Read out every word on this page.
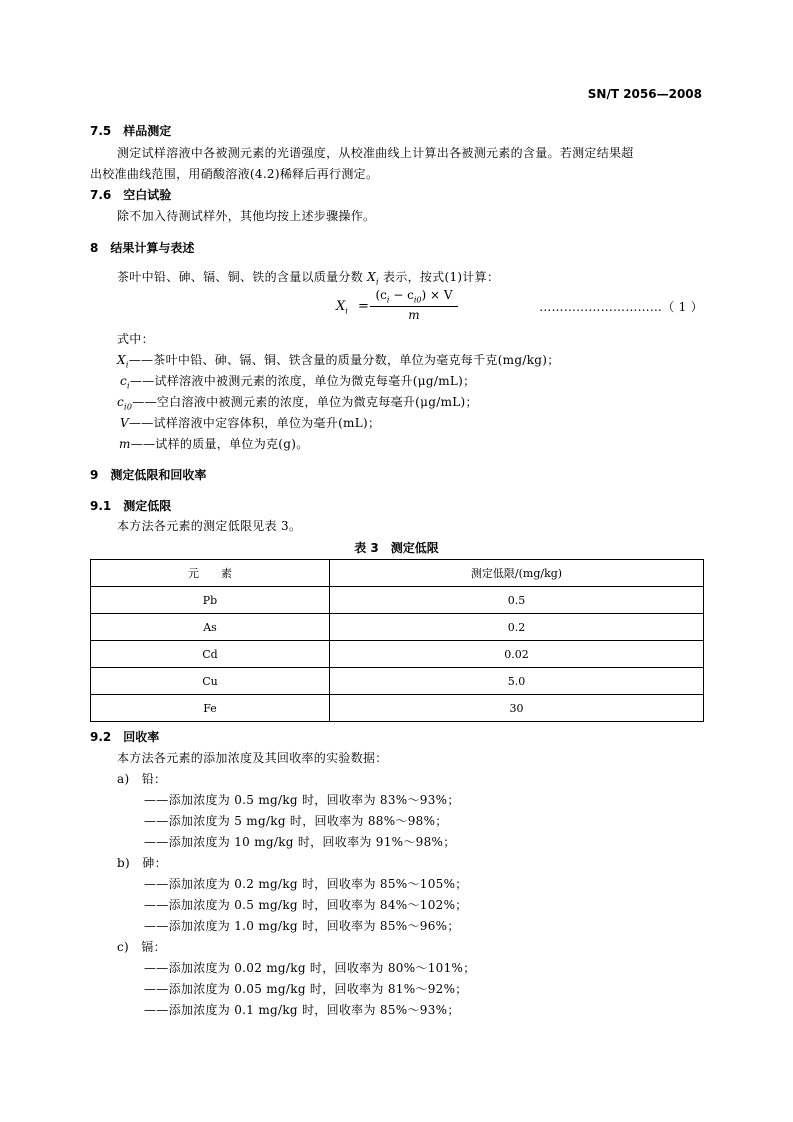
SN/T 2056—2008
7.5　样品测定
测定试样溶液中各被测元素的光谱强度，从校准曲线上计算出各被测元素的含量。若测定结果超
出校准曲线范围，用硝酸溶液(4.2)稀释后再行测定。
7.6　空白试验
除不加入待测试样外，其他均按上述步骤操作。
8　结果计算与表述
茶叶中铅、砷、镉、铜、铁的含量以质量分数 $X_i$ 表示，按式(1)计算：
$X_i$ =
$(c_i - c_{i0}) \times V$
m
…………………………（ 1 ）
式中：
$X_i——$茶叶中铅、砷、镉、铜、铁含量的质量分数，单位为毫克每千克(mg/kg)；
$c_i——$试样溶液中被测元素的浓度，单位为微克每毫升(μg/mL)；
$c_{i0}——$空白溶液中被测元素的浓度，单位为微克每毫升(μg/mL)；
V——试样溶液中定容体积，单位为毫升(mL)；
m——试样的质量，单位为克(g)。
9　测定低限和回收率
9.1　测定低限
本方法各元素的测定低限见表 3。
表 3　测定低限
元　　素	测定低限/(mg/kg)
Pb	0.5
As	0.2
Cd	0.02
Cu	5.0
Fe	30
9.2　回收率
本方法各元素的添加浓度及其回收率的实验数据：
a)　铅：
——添加浓度为 0.5 mg/kg 时，回收率为 83%～93%；
——添加浓度为 5 mg/kg 时，回收率为 88%～98%；
——添加浓度为 10 mg/kg 时，回收率为 91%～98%；
b)　砷：
——添加浓度为 0.2 mg/kg 时，回收率为 85%～105%；
——添加浓度为 0.5 mg/kg 时，回收率为 84%～102%；
——添加浓度为 1.0 mg/kg 时，回收率为 85%～96%；
c)　镉：
——添加浓度为 0.02 mg/kg 时，回收率为 80%～101%；
——添加浓度为 0.05 mg/kg 时，回收率为 81%～92%；
——添加浓度为 0.1 mg/kg 时，回收率为 85%～93%；
